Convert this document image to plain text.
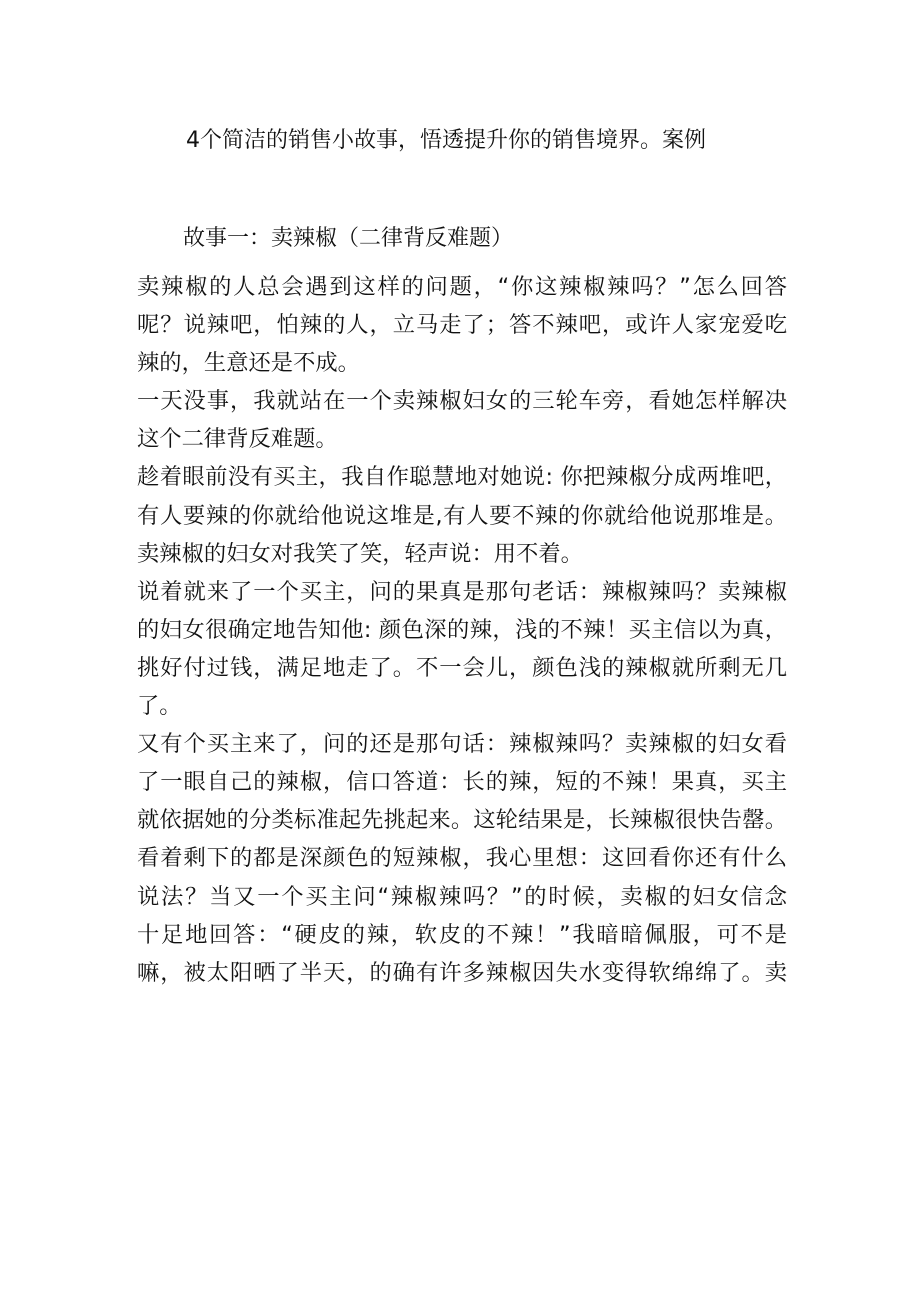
4个简洁的销售小故事，悟透提升你的销售境界。案例
故事一：卖辣椒（二律背反难题）
卖辣椒的人总会遇到这样的问题，“你这辣椒辣吗？”怎么回答
呢？说辣吧，怕辣的人，立马走了；答不辣吧，或许人家宠爱吃
辣的，生意还是不成。
一天没事，我就站在一个卖辣椒妇女的三轮车旁，看她怎样解决
这个二律背反难题。
趁着眼前没有买主，我自作聪慧地对她说: 你把辣椒分成两堆吧，
有人要辣的你就给他说这堆是,有人要不辣的你就给他说那堆是。
卖辣椒的妇女对我笑了笑，轻声说：用不着。
说着就来了一个买主，问的果真是那句老话：辣椒辣吗？卖辣椒
的妇女很确定地告知他: 颜色深的辣，浅的不辣！买主信以为真，
挑好付过钱，满足地走了。不一会儿，颜色浅的辣椒就所剩无几
了。
又有个买主来了，问的还是那句话：辣椒辣吗？卖辣椒的妇女看
了一眼自己的辣椒，信口答道：长的辣，短的不辣！果真，买主
就依据她的分类标准起先挑起来。这轮结果是，长辣椒很快告罄。
看着剩下的都是深颜色的短辣椒，我心里想：这回看你还有什么
说法？当又一个买主问“辣椒辣吗？”的时候，卖椒的妇女信念
十足地回答：“硬皮的辣，软皮的不辣！”我暗暗佩服，可不是
嘛，被太阳晒了半天，的确有许多辣椒因失水变得软绵绵了。卖
